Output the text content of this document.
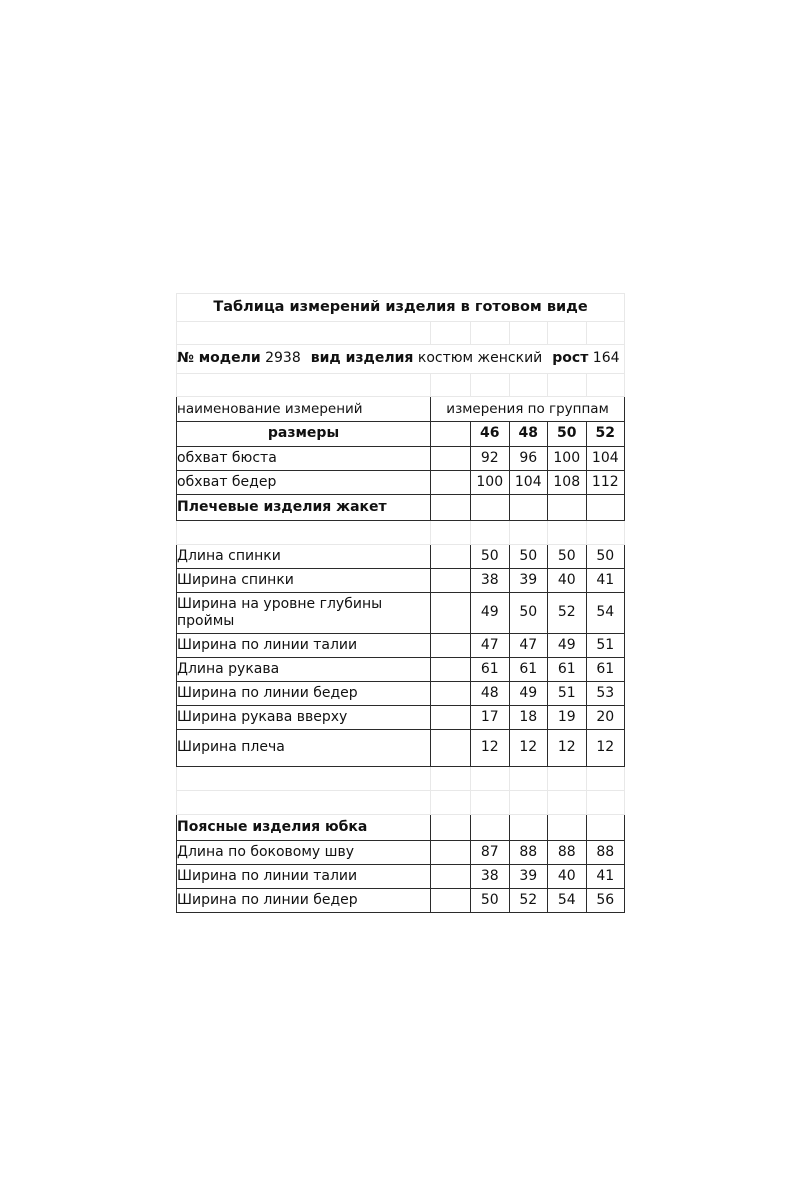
Таблица измерений изделия в готовом виде					

№ модели 2938 вид изделия костюм женский рост 164					

наименование измерений	измерения по группам				
размеры		46	48	50	52
обхват бюста		92	96	100	104
обхват бедер		100	104	108	112
Плечевые изделия жакет					

Длина спинки		50	50	50	50
Ширина спинки		38	39	40	41
Ширина на уровне глубины проймы		49	50	52	54
Ширина по линии талии		47	47	49	51
Длина рукава		61	61	61	61
Ширина по линии бедер		48	49	51	53
Ширина рукава вверху		17	18	19	20
Ширина плеча		12	12	12	12

Поясные изделия юбка					
Длина по боковому шву		87	88	88	88
Ширина по линии талии		38	39	40	41
Ширина по линии бедер		50	52	54	56
